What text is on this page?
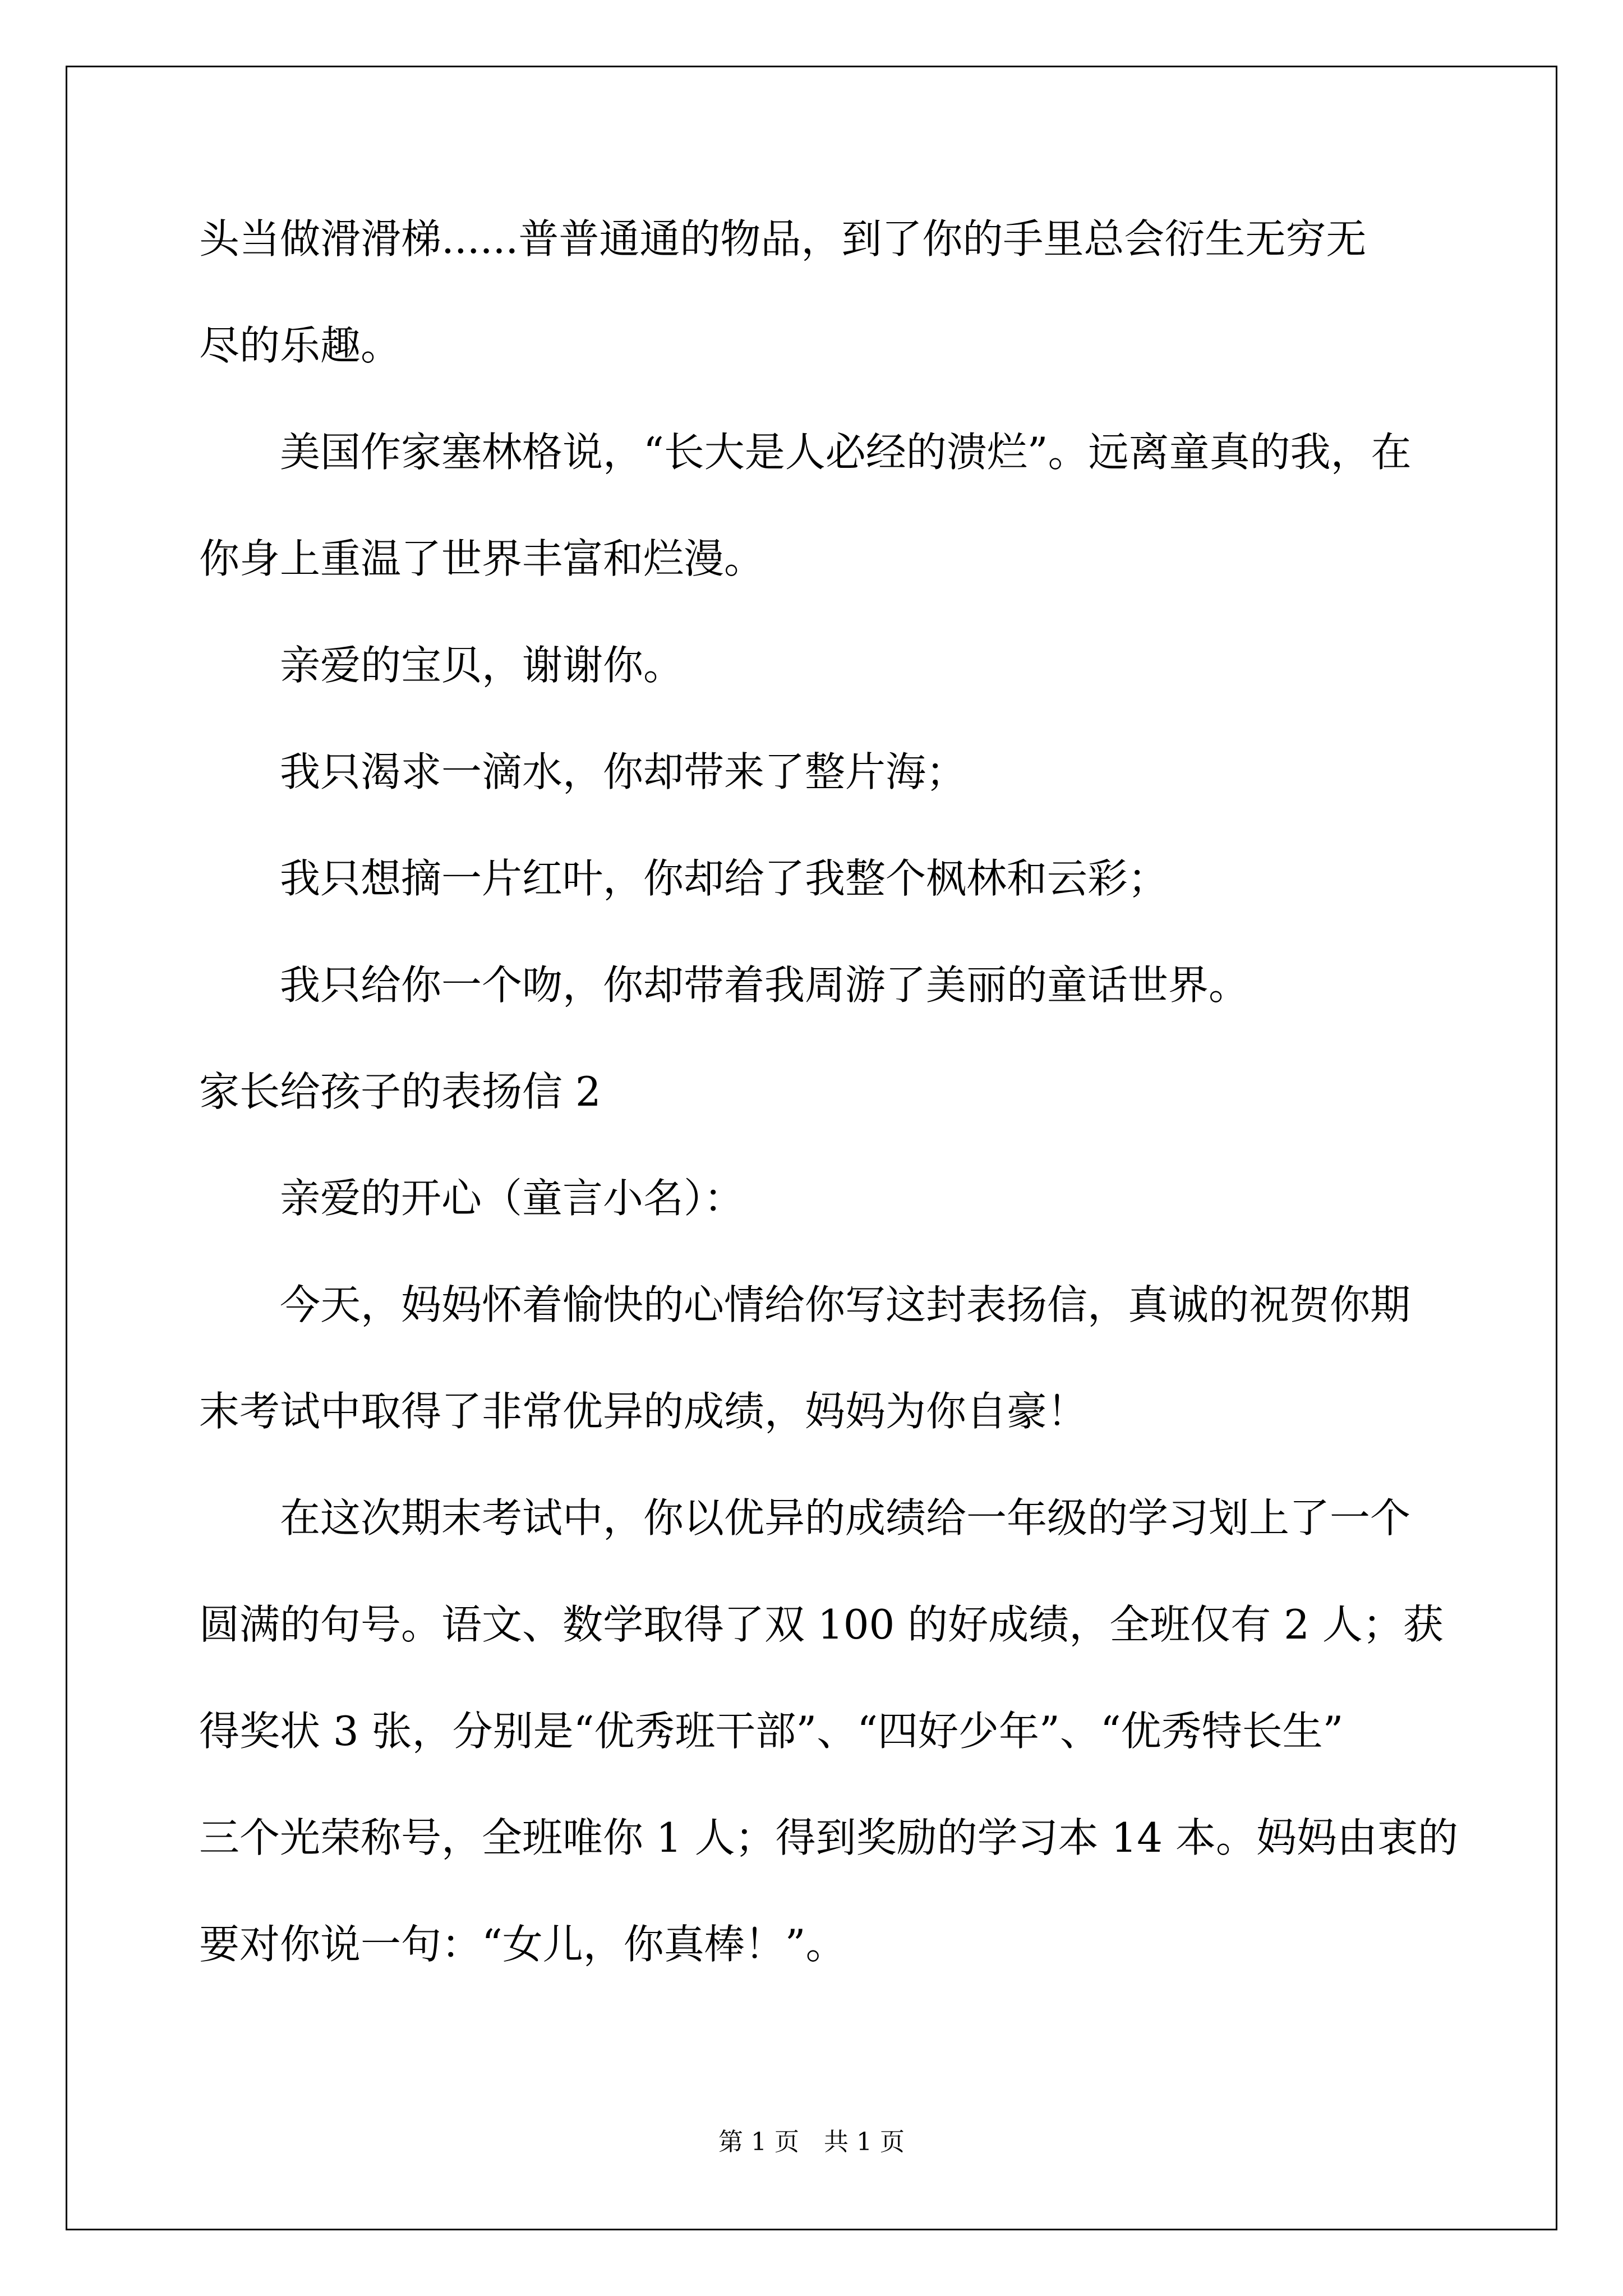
头当做滑滑梯......普普通通的物品，到了你的手里总会衍生无穷无
尽的乐趣。
美国作家塞林格说，“长大是人必经的溃烂”。远离童真的我，在
你身上重温了世界丰富和烂漫。
亲爱的宝贝，谢谢你。
我只渴求一滴水，你却带来了整片海；
我只想摘一片红叶，你却给了我整个枫林和云彩；
我只给你一个吻，你却带着我周游了美丽的童话世界。
家长给孩子的表扬信 2
亲爱的开心（童言小名）：
今天，妈妈怀着愉快的心情给你写这封表扬信，真诚的祝贺你期
末考试中取得了非常优异的成绩，妈妈为你自豪！
在这次期末考试中，你以优异的成绩给一年级的学习划上了一个
圆满的句号。语文、数学取得了双 100 的好成绩，全班仅有 2 人；获
得奖状 3 张，分别是“优秀班干部”、“四好少年”、“优秀特长生”
三个光荣称号，全班唯你 1 人；得到奖励的学习本 14 本。妈妈由衷的
要对你说一句：“女儿，你真棒！”。
第 1 页　共 1 页
